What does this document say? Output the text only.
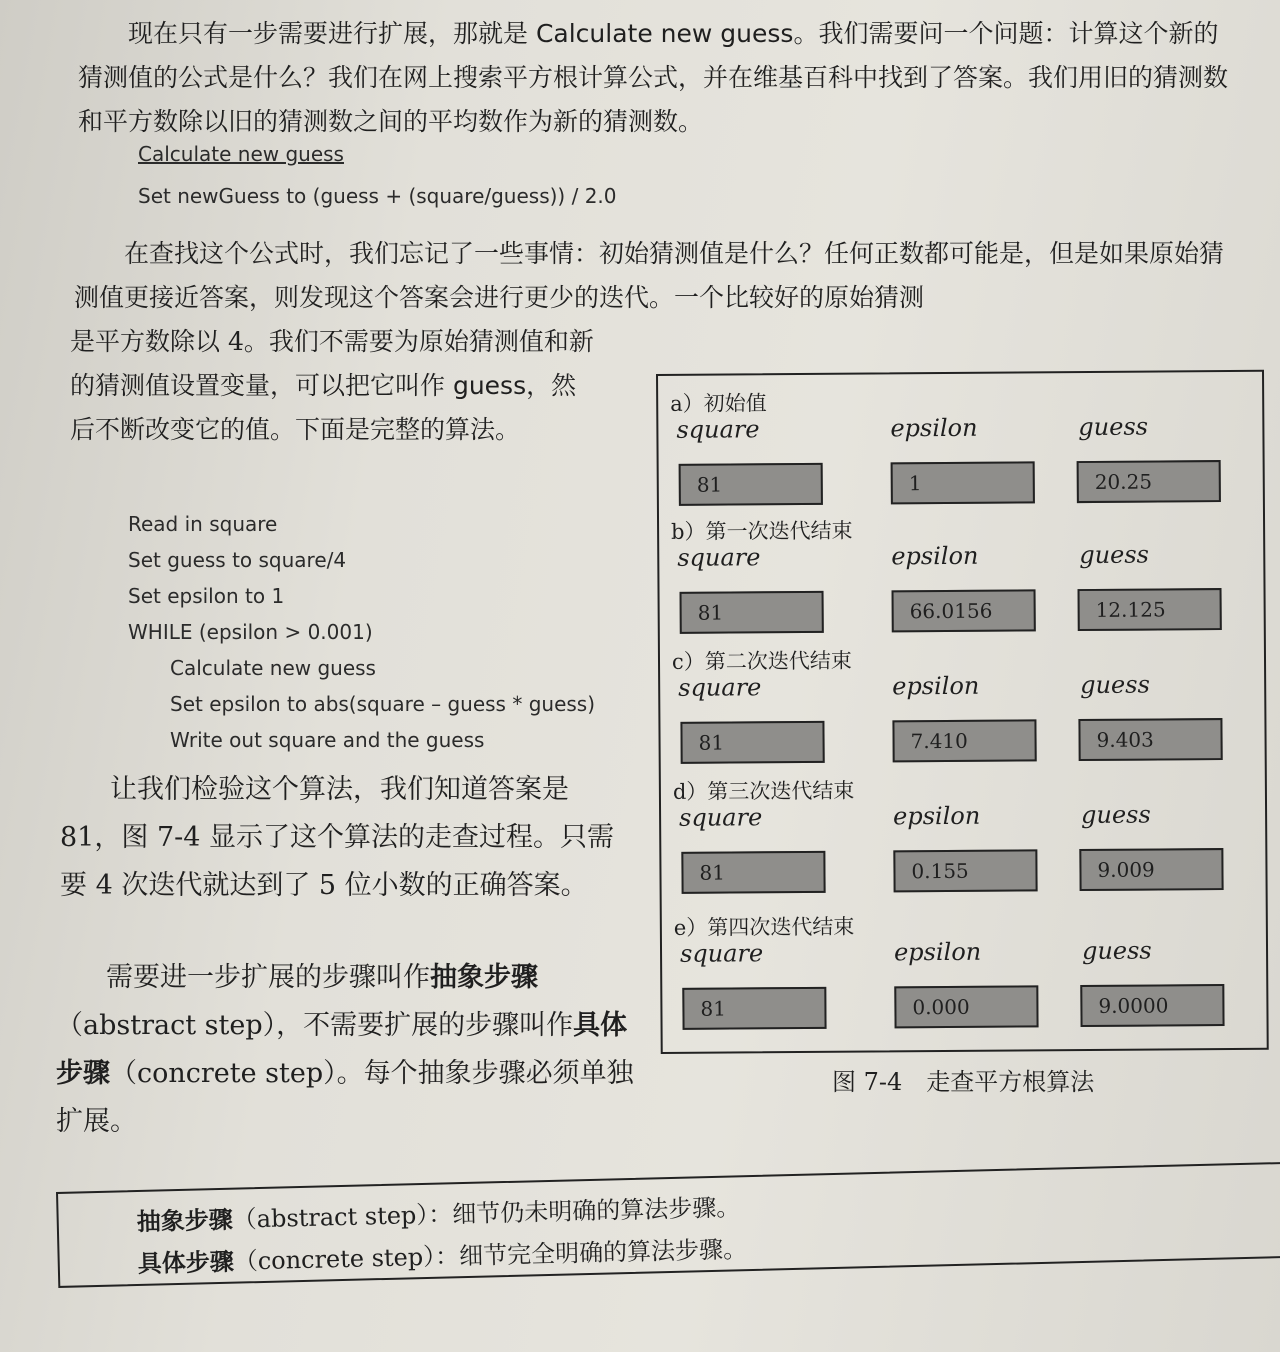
现在只有一步需要进行扩展，那就是 Calculate new guess。我们需要问一个问题：计算这个新的猜测值的公式是什么？我们在网上搜索平方根计算公式，并在维基百科中找到了答案。我们用旧的猜测数和平方数除以旧的猜测数之间的平均数作为新的猜测数。

Calculate new guess
Set newGuess to (guess + (square/guess)) / 2.0

在查找这个公式时，我们忘记了一些事情：初始猜测值是什么？任何正数都可能是，但是如果原始猜测值更接近答案，则发现这个答案会进行更少的迭代。一个比较好的原始猜测

是平方数除以 4。我们不需要为原始猜测值和新的猜测值设置变量，可以把它叫作 guess，然后不断改变它的值。下面是完整的算法。

Read in square
Set guess to square/4
Set epsilon to 1
WHILE (epsilon > 0.001)
Calculate new guess
Set epsilon to abs(square – guess * guess)
Write out square and the guess

让我们检验这个算法，我们知道答案是 81，图 7-4 显示了这个算法的走查过程。只需要 4 次迭代就达到了 5 位小数的正确答案。

需要进一步扩展的步骤叫作抽象步骤（abstract step），不需要扩展的步骤叫作具体步骤（concrete step）。每个抽象步骤必须单独扩展。

a）初始值
square	epsilon	guess
81	1	20.25
b）第一次迭代结束
square	epsilon	guess
81	66.0156	12.125
c）第二次迭代结束
square	epsilon	guess
81	7.410	9.403
d）第三次迭代结束
square	epsilon	guess
81	0.155	9.009
e）第四次迭代结束
square	epsilon	guess
81	0.000	9.0000
图 7-4　走查平方根算法
抽象步骤（abstract step）：细节仍未明确的算法步骤。
具体步骤（concrete step）：细节完全明确的算法步骤。
